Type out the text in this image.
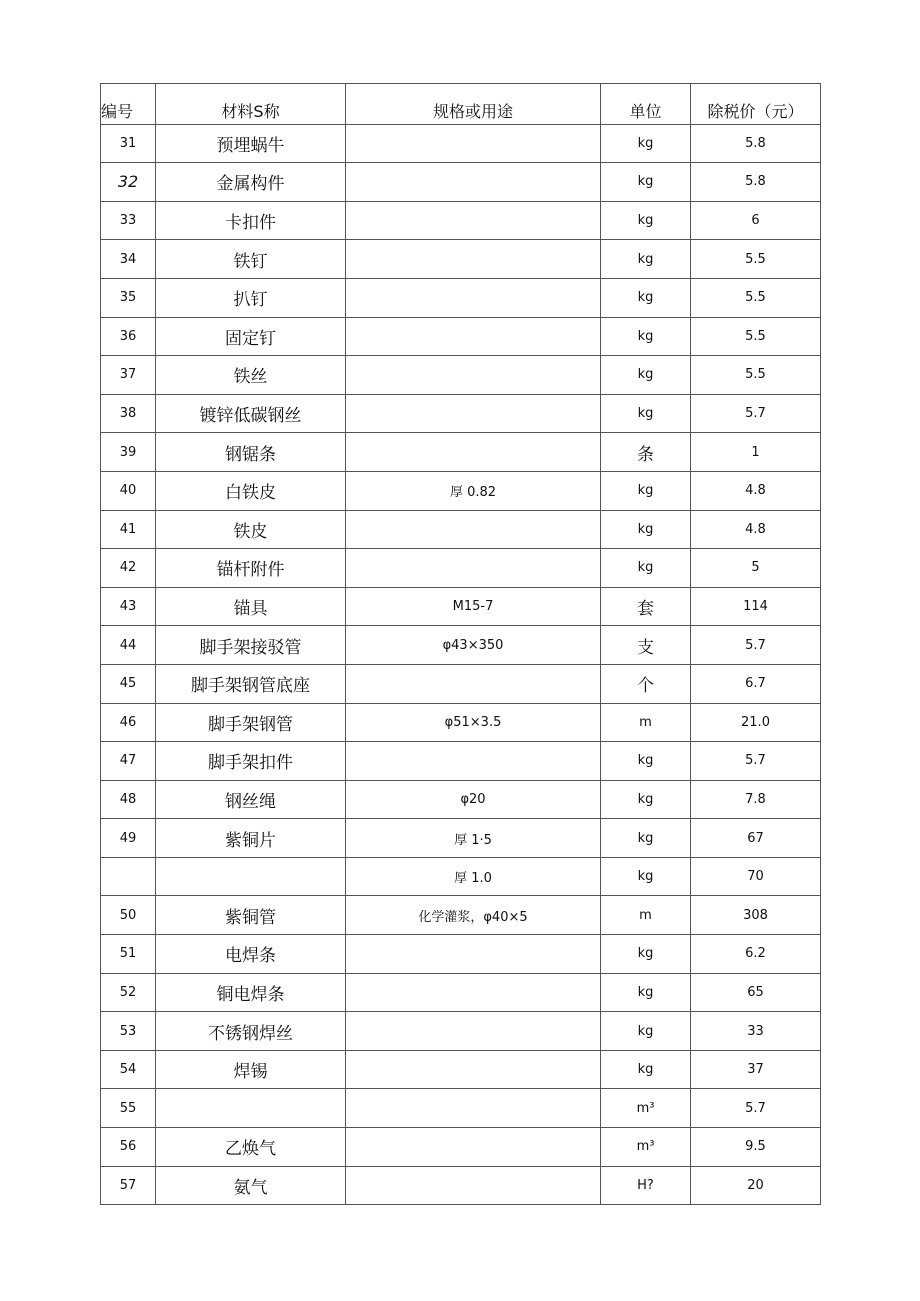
编号	材料S称	规格或用途	单位	除税价（元）
31	预埋蜗牛		kg	5.8
32	金属构件		kg	5.8
33	卡扣件		kg	6
34	铁钉		kg	5.5
35	扒钉		kg	5.5
36	固定钉		kg	5.5
37	铁丝		kg	5.5
38	镀锌低碳钢丝		kg	5.7
39	钢锯条		条	1
40	白铁皮	厚 0.82	kg	4.8
41	铁皮		kg	4.8
42	锚杆附件		kg	5
43	锚具	M15-7	套	114
44	脚手架接驳管	φ43×350	支	5.7
45	脚手架钢管底座		个	6.7
46	脚手架钢管	φ51×3.5	m	21.0
47	脚手架扣件		kg	5.7
48	钢丝绳	φ20	kg	7.8
49	紫铜片	厚 1·5	kg	67
		厚 1.0	kg	70
50	紫铜管	化学灌浆，φ40×5	m	308
51	电焊条		kg	6.2
52	铜电焊条		kg	65
53	不锈钢焊丝		kg	33
54	焊锡		kg	37
55			m³	5.7
56	乙焕气		m³	9.5
57	氨气		H?	20
